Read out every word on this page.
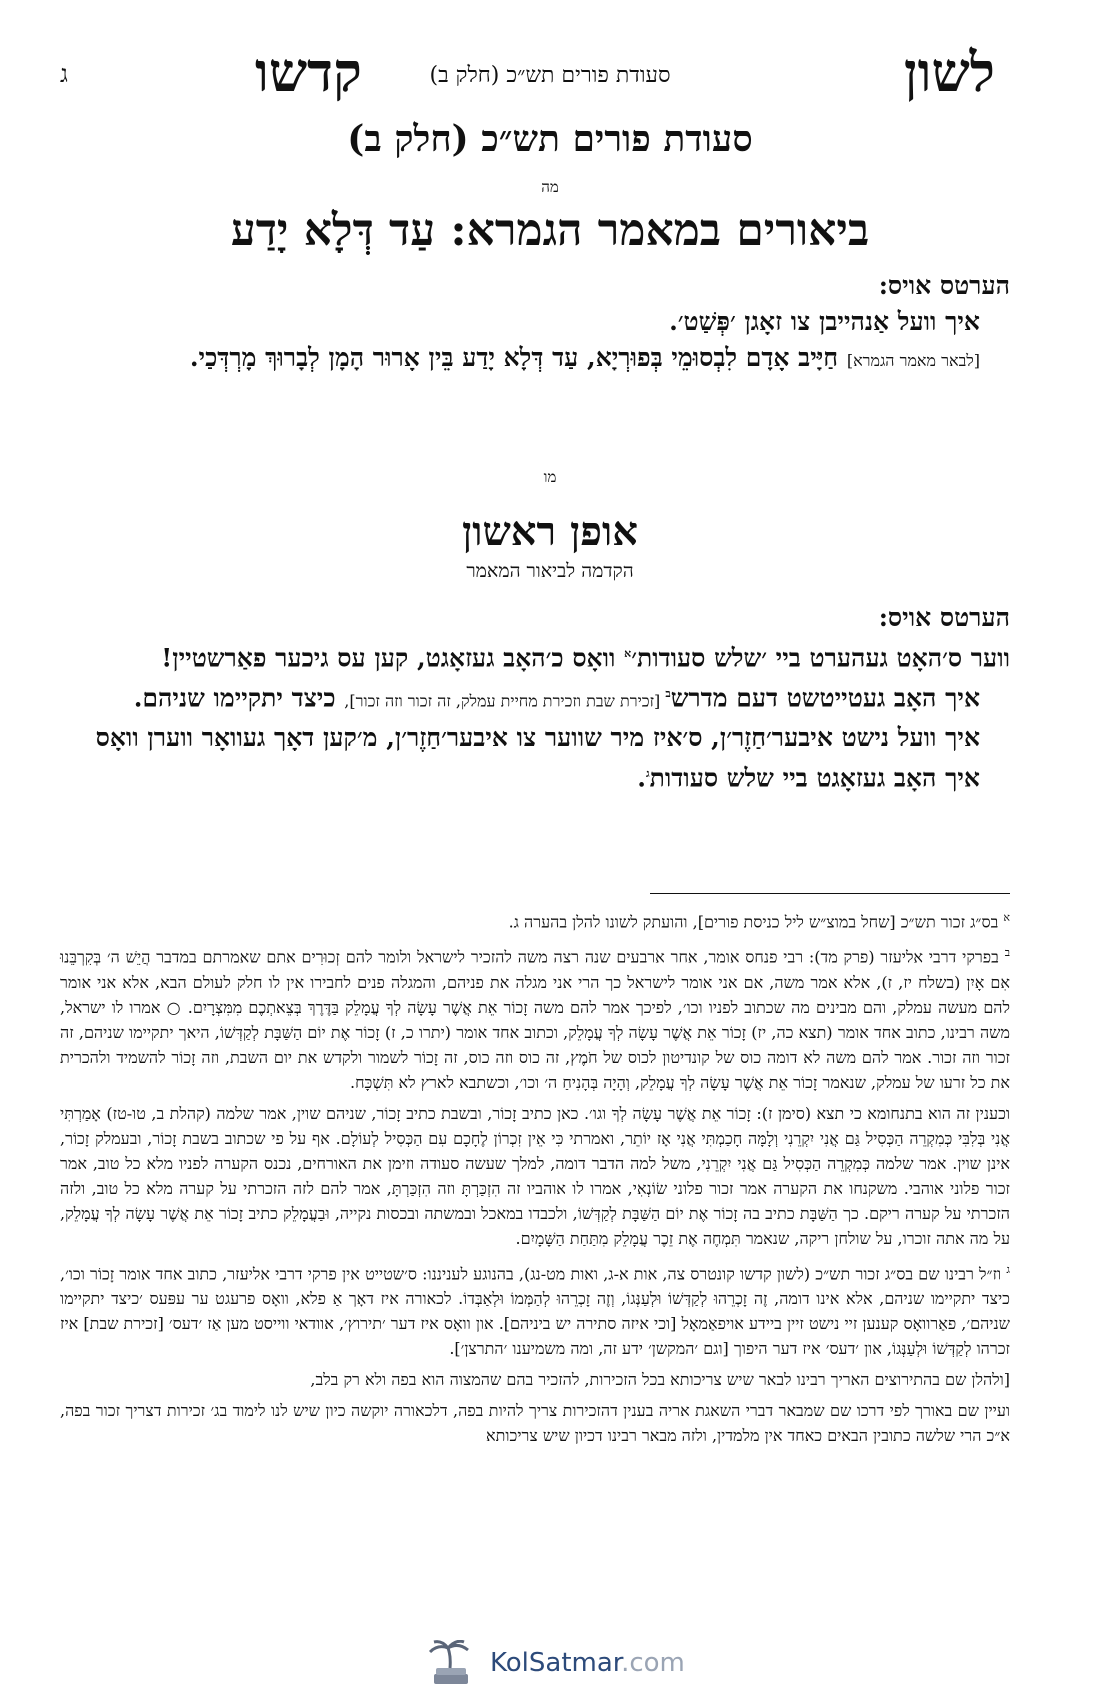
לשון
סעודת פורים תש״כ (חלק ב)
קדשו
ג
סעודת פורים תש״כ (חלק ב)
מה
ביאורים במאמר הגמרא: עַד דְּלָא יָדַע

הערטס אויס:

איך וועל אַנהייבן צו זאָגן ׳פְּשַׁט׳.

[לבאר מאמר הגמרא] חַיָּיב אָדָם לִבְסוּמֵי בְּפוּרְיָא, עַד דְּלָא יָדַע בֵּין אָרוּר הָמָן לְבָרוּךְ מָרְדְּכַי.

מו
אופן ראשון
הקדמה לביאור המאמר

הערטס אויס:

ווער ס׳האָט געהערט ביי ׳שלש סעודות׳$^א$ וואָס כ׳האָב געזאָגט, קען עס גיכער פאַרשטיין!

איך האָב געטייטשט דעם מדרש$^ב$ [זכירת שבת וזכירת מחיית עמלק, זה זכור וזה זכור], כיצד יתקיימו שניהם.

איך וועל נישט איבער׳חַזֶר׳ן, ס׳איז מיר שווער צו איבער׳חַזֶר׳ן, מ׳קען דאָך געוואָר ווערן וואָס איך האָב געזאָגט ביי שלש סעודות$^ג$.

$^א$ בס״ג זכור תש״כ [שחל במוצ״ש ליל כניסת פורים], והועתק לשונו להלן בהערה ג.

$^ב$ בפרקי דרבי אליעזר (פרק מד): רבי פנחס אומר, אחר ארבעים שנה רצה משה להזכיר לישראל ולומר להם זְכוּרִים אתם שאמרתם במדבר הֲיֵשׁ ה׳ בְּקִרְבֵּנוּ אִם אָיִן (בשלח יז, ז), אלא אמר משה, אם אני אומר לישראל כך הרי אני מגלה את פניהם, והמגלה פנים לחבירו אין לו חלק לעולם הבא, אלא אני אומר להם מעשה עמלק, והם מבינים מה שכתוב לפניו וכו׳, לפיכך אמר להם משה זָכוֹר אֵת אֲשֶׁר עָשָׂה לְךָ עֲמָלֵק בַּדֶּרֶךְ בְּצֵאתְכֶם מִמִּצְרָיִם. ○ אמרו לו ישראל, משה רבינו, כתוב אחד אומר (תצא כה, יז) זָכוֹר אֵת אֲשֶׁר עָשָׂה לְךָ עֲמָלֵק, וכתוב אחד אומר (יתרו כ, ז) זָכוֹר אֶת יוֹם הַשַּׁבָּת לְקַדְּשׁוֹ, היאך יתקיימו שניהם, זה זכור וזה זכור. אמר להם משה לא דומה כוס של קונדיטון לכוס של חֹמֶץ, זה כוס וזה כוס, זה זָכוֹר לשמור ולקדש את יום השבת, וזה זָכוֹר להשמיד ולהכרית את כל זרעו של עמלק, שנאמר זָכוֹר אֵת אֲשֶׁר עָשָׂה לְךָ עֲמָלֵק, וְהָיָה בְּהָנִיחַ ה׳ וכו׳, וכשתבא לארץ לא תִּשְׁכָּח.

וכענין זה הוא בתנחומא כי תצא (סימן ז): זָכוֹר אֵת אֲשֶׁר עָשָׂה לְךָ וגו׳. כאן כתיב זָכוֹר, ובשבת כתיב זָכוֹר, שניהם שוין, אמר שלמה (קהלת ב, טו-טז) אָמַרְתִּי אֲנִי בְּלִבִּי כְּמִקְרֵה הַכְּסִיל גַּם אֲנִי יִקְרֵנִי וְלָמָּה חָכַמְתִּי אֲנִי אָז יוֹתֵר, ואמרתי כִּי אֵין זִכְרוֹן לֶחָכָם עִם הַכְּסִיל לְעוֹלָם. אף על פי שכתוב בשבת זָכוֹר, ובעמלק זָכוֹר, אינן שוין. אמר שלמה כְּמִקְרֵה הַכְּסִיל גַּם אֲנִי יִקְרֵנִי, משל למה הדבר דומה, למלך שעשה סעודה וזימן את האורחים, נכנס הקערה לפניו מלא כל טוב, אמר זכור פלוני אוהבי. משקנחו את הקערה אמר זכור פלוני שׂוֹנְאִי, אמרו לו אוהביו זה הִזְכַּרְתָּ וזה הִזְכַּרְתָּ, אמר להם לזה הזכרתי על קערה מלא כל טוב, ולזה הזכרתי על קערה ריקם. כך הַשַּׁבָּת כתיב בה זָכוֹר אֶת יוֹם הַשַּׁבָּת לְקַדְּשׁוֹ, ולכבדו במאכל ובמשתה ובכסות נקייה, וּבַעֲמָלֵק כתיב זָכוֹר אֵת אֲשֶׁר עָשָׂה לְךָ עֲמָלֵק, על מה אתה זוכרו, על שולחן ריקה, שנאמר תִּמְחֶה אֶת זֵכֶר עֲמָלֵק מִתַּחַת הַשָּׁמָיִם.

$^ג$ וז״ל רבינו שם בס״ג זכור תש״כ (לשון קדשו קונטרס צה, אות א-ג, ואות מט-נג), בהנוגע לעניננו: ס׳שטייט אין פרקי דרבי אליעזר, כתוב אחד אומר זָכוֹר וכו׳, כיצד יתקיימו שניהם, אלא אינו דומה, זֶה זָכְרֵהוּ לְקַדְּשׁוֹ וּלְעַנְּגוֹ, וְזֶה זָכְרֵהוּ לְהַמְּמוֹ וּלְאַבְּדוֹ. לכאורה איז דאָך אַ פלא, וואָס פרעגט ער עפּעס ׳כיצד יתקיימו שניהם׳, פאַרוואָס קענען זיי נישט זיין ביידע אויפאַמאָל [וכי איזה סתירה יש ביניהם]. און וואָס איז דער ׳תירוץ׳, אוודאי ווייסט מען אַז ׳דעס׳ [זכירת שבת] איז זכרהו לְקַדְּשׁוֹ וּלְעַנְּגוֹ, און ׳דעס׳ איז דער היפוך [וגם ׳המקשן׳ ידע זה, ומה משמיענו ׳התרצן׳].

[ולהלן שם בהתירוצים האריך רבינו לבאר שיש צריכותא בכל הזכירות, להזכיר בהם שהמצוה הוא בפה ולא רק בלב,

ועיין שם באורך לפי דרכו שם שמבאר דברי השאגת אריה בענין דהזכירות צריך להיות בפה, דלכאורה יוקשה כיון שיש לנו לימוד בג׳ זכירות דצריך זכור בפה, א״כ הרי שלשה כתובין הבאים כאחד אין מלמדין, ולזה מבאר רבינו דכיון שיש צריכותא

KolSatmar.com
